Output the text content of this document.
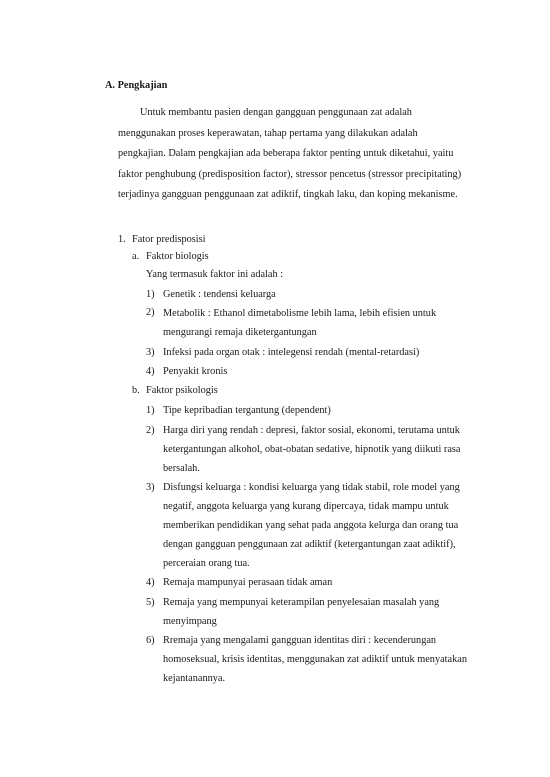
A. Pengkajian

Untuk membantu pasien dengan gangguan penggunaan zat adalah menggunakan proses keperawatan, tahap pertama yang dilakukan adalah pengkajian. Dalam pengkajian ada beberapa faktor penting untuk diketahui, yaitu faktor penghubung (predisposition factor), stressor pencetus (stressor precipitating) terjadinya gangguan penggunaan zat adiktif, tingkah laku, dan koping mekanisme.

1. Fator predisposisi
a. Faktor biologis
Yang termasuk faktor ini adalah :
1) Genetik : tendensi keluarga
2) Metabolik : Ethanol dimetabolisme lebih lama, lebih efisien untuk mengurangi remaja diketergantungan
3) Infeksi pada organ otak : intelegensi rendah (mental-retardasi)
4) Penyakit kronis
b. Faktor psikologis
1) Tipe kepribadian tergantung (dependent)
2) Harga diri yang rendah : depresi, faktor sosial, ekonomi, terutama untuk ketergantungan alkohol, obat-obatan sedative, hipnotik yang diikuti rasa bersalah.
3) Disfungsi keluarga : kondisi keluarga yang tidak stabil, role model yang negatif, anggota keluarga yang kurang dipercaya, tidak mampu untuk memberikan pendidikan yang sehat pada anggota kelurga dan orang tua dengan gangguan penggunaan zat adiktif (ketergantungan zaat adiktif), perceraian orang tua.
4) Remaja mampunyai perasaan tidak aman
5) Remaja yang mempunyai keterampilan penyelesaian masalah yang menyimpang
6) Rremaja yang mengalami gangguan identitas diri : kecenderungan homoseksual, krisis identitas, menggunakan zat adiktif untuk menyatakan kejantanannya.
